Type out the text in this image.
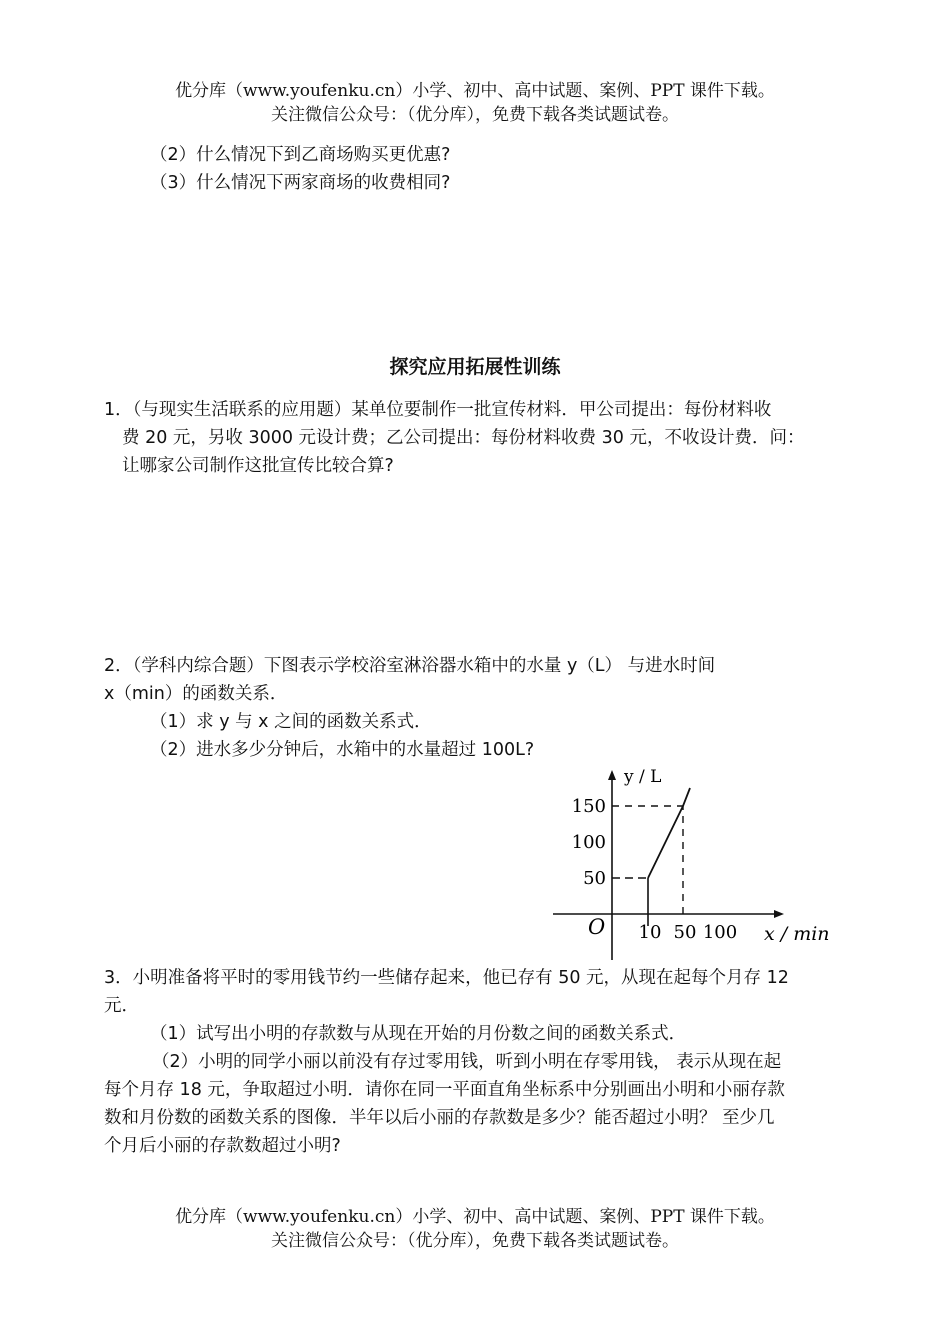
优分库（www.youfenku.cn）小学、初中、高中试题、案例、PPT 课件下载。
关注微信公众号：（优分库），免费下载各类试题试卷。
（2）什么情况下到乙商场购买更优惠?
（3）什么情况下两家商场的收费相同?
探究应用拓展性训练
1．（与现实生活联系的应用题）某单位要制作一批宣传材料．甲公司提出：每份材料收
费 20 元，另收 3000 元设计费；乙公司提出：每份材料收费 30 元，不收设计费．问：
让哪家公司制作这批宣传比较合算?
2．（学科内综合题）下图表示学校浴室淋浴器水箱中的水量 y（L） 与进水时间
x（min）的函数关系．
（1）求 y 与 x 之间的函数关系式．
（2）进水多少分钟后，水箱中的水量超过 100L?
y / L
x / min
O
50
100
150
10 50 100
3．小明准备将平时的零用钱节约一些储存起来，他已存有 50 元，从现在起每个月存 12
元．
（1）试写出小明的存款数与从现在开始的月份数之间的函数关系式．
（2）小明的同学小丽以前没有存过零用钱，听到小明在存零用钱， 表示从现在起
每个月存 18 元，争取超过小明．请你在同一平面直角坐标系中分别画出小明和小丽存款
数和月份数的函数关系的图像．半年以后小丽的存款数是多少？能否超过小明？ 至少几
个月后小丽的存款数超过小明?
优分库（www.youfenku.cn）小学、初中、高中试题、案例、PPT 课件下载。
关注微信公众号：（优分库），免费下载各类试题试卷。
